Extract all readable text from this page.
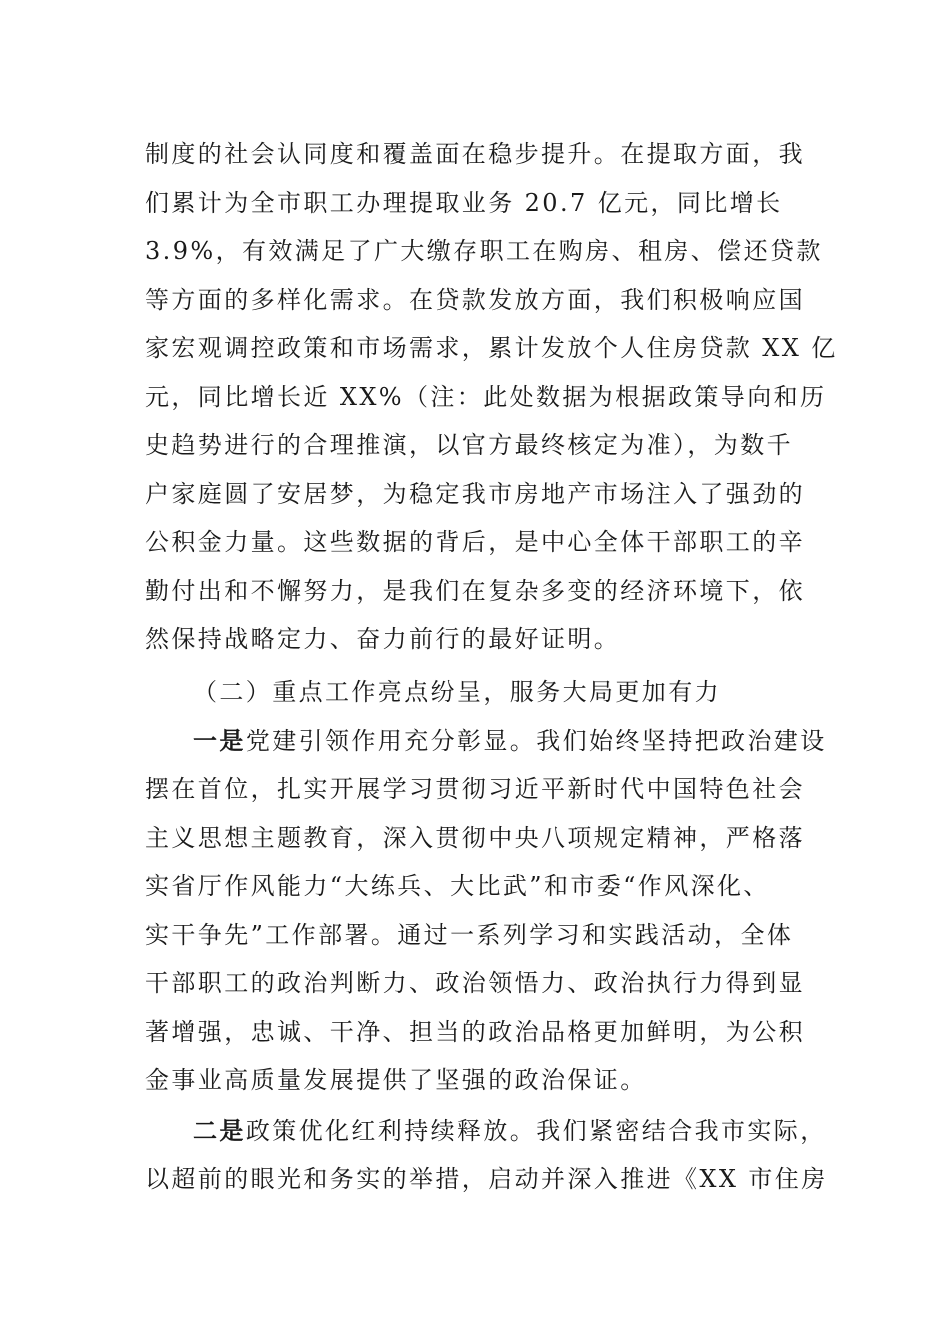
制度的社会认同度和覆盖面在稳步提升。在提取方面，我
们累计为全市职工办理提取业务 20.7 亿元，同比增长
3.9%，有效满足了广大缴存职工在购房、租房、偿还贷款
等方面的多样化需求。在贷款发放方面，我们积极响应国
家宏观调控政策和市场需求，累计发放个人住房贷款 XX 亿
元，同比增长近 XX%（注：此处数据为根据政策导向和历
史趋势进行的合理推演，以官方最终核定为准），为数千
户家庭圆了安居梦，为稳定我市房地产市场注入了强劲的
公积金力量。这些数据的背后，是中心全体干部职工的辛
勤付出和不懈努力，是我们在复杂多变的经济环境下，依
然保持战略定力、奋力前行的最好证明。
（二）重点工作亮点纷呈，服务大局更加有力
一是党建引领作用充分彰显。我们始终坚持把政治建设
摆在首位，扎实开展学习贯彻习近平新时代中国特色社会
主义思想主题教育，深入贯彻中央八项规定精神，严格落
实省厅作风能力“大练兵、大比武”和市委“作风深化、
实干争先”工作部署。通过一系列学习和实践活动，全体
干部职工的政治判断力、政治领悟力、政治执行力得到显
著增强，忠诚、干净、担当的政治品格更加鲜明，为公积
金事业高质量发展提供了坚强的政治保证。
二是政策优化红利持续释放。我们紧密结合我市实际，
以超前的眼光和务实的举措，启动并深入推进《XX 市住房
